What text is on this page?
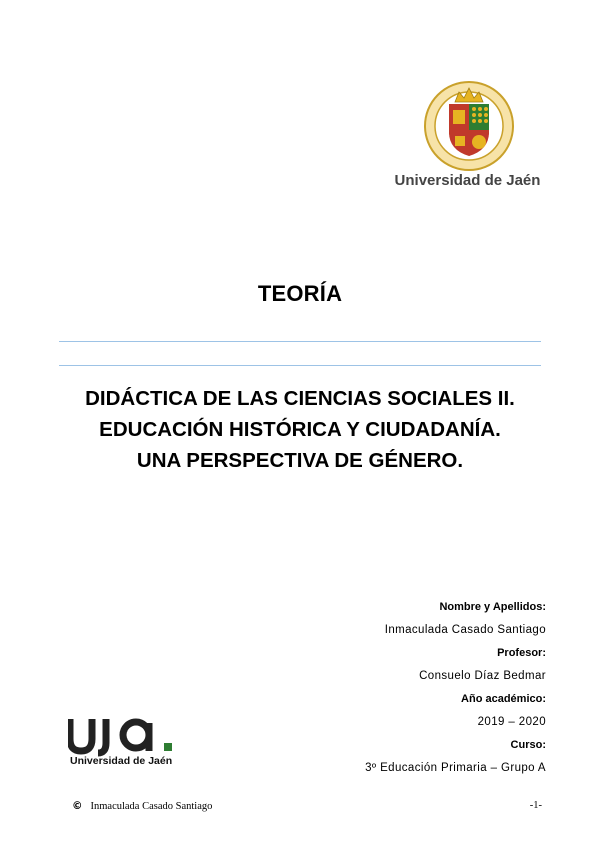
Universidad de Jaén
TEORÍA
DIDÁCTICA DE LAS CIENCIAS SOCIALES II.
EDUCACIÓN HISTÓRICA Y CIUDADANÍA.
UNA PERSPECTIVA DE GÉNERO.
Nombre y Apellidos:
Inmaculada Casado Santiago
Profesor:
Consuelo Díaz Bedmar
Año académico:
2019 – 2020
Curso:
3º Educación Primaria – Grupo A
Universidad de Jaén
© Inmaculada Casado Santiago	-1-
